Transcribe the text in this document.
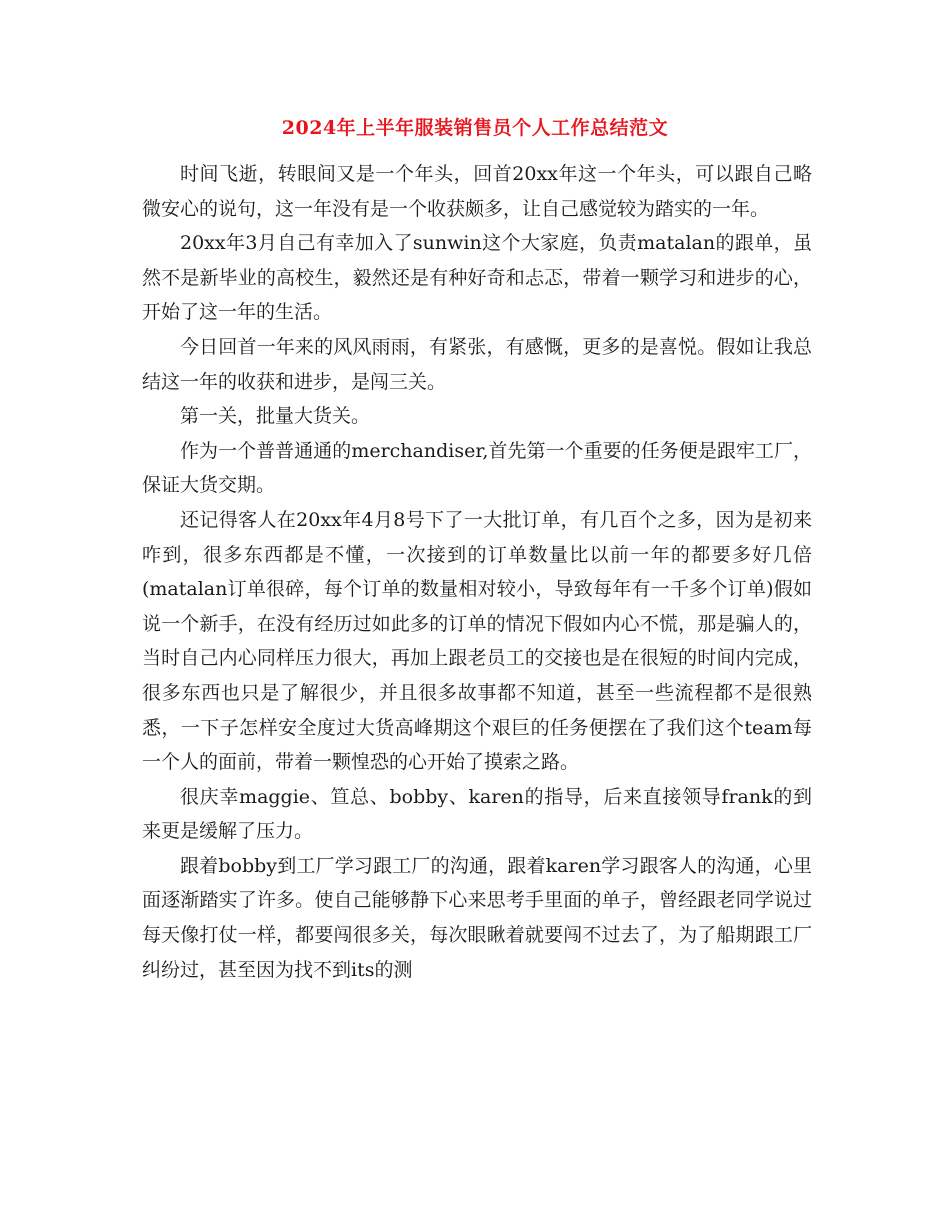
2024年上半年服装销售员个人工作总结范文

时间飞逝，转眼间又是一个年头，回首20xx年这一个年头，可以跟自己略微安心的说句，这一年没有是一个收获颇多，让自己感觉较为踏实的一年。

20xx年3月自己有幸加入了sunwin这个大家庭，负责matalan的跟单，虽然不是新毕业的高校生，毅然还是有种好奇和忐忑，带着一颗学习和进步的心，开始了这一年的生活。

今日回首一年来的风风雨雨，有紧张，有感慨，更多的是喜悦。假如让我总结这一年的收获和进步，是闯三关。

第一关，批量大货关。

作为一个普普通通的merchandiser,首先第一个重要的任务便是跟牢工厂，保证大货交期。

还记得客人在20xx年4月8号下了一大批订单，有几百个之多，因为是初来咋到，很多东西都是不懂，一次接到的订单数量比以前一年的都要多好几倍(matalan订单很碎，每个订单的数量相对较小，导致每年有一千多个订单)假如说一个新手，在没有经历过如此多的订单的情况下假如内心不慌，那是骗人的，当时自己内心同样压力很大，再加上跟老员工的交接也是在很短的时间内完成，很多东西也只是了解很少，并且很多故事都不知道，甚至一些流程都不是很熟悉，一下子怎样安全度过大货高峰期这个艰巨的任务便摆在了我们这个team每一个人的面前，带着一颗惶恐的心开始了摸索之路。

很庆幸maggie、笪总、bobby、karen的指导，后来直接领导frank的到来更是缓解了压力。

跟着bobby到工厂学习跟工厂的沟通，跟着karen学习跟客人的沟通，心里面逐渐踏实了许多。使自己能够静下心来思考手里面的单子，曾经跟老同学说过每天像打仗一样，都要闯很多关，每次眼瞅着就要闯不过去了，为了船期跟工厂纠纷过，甚至因为找不到its的测
